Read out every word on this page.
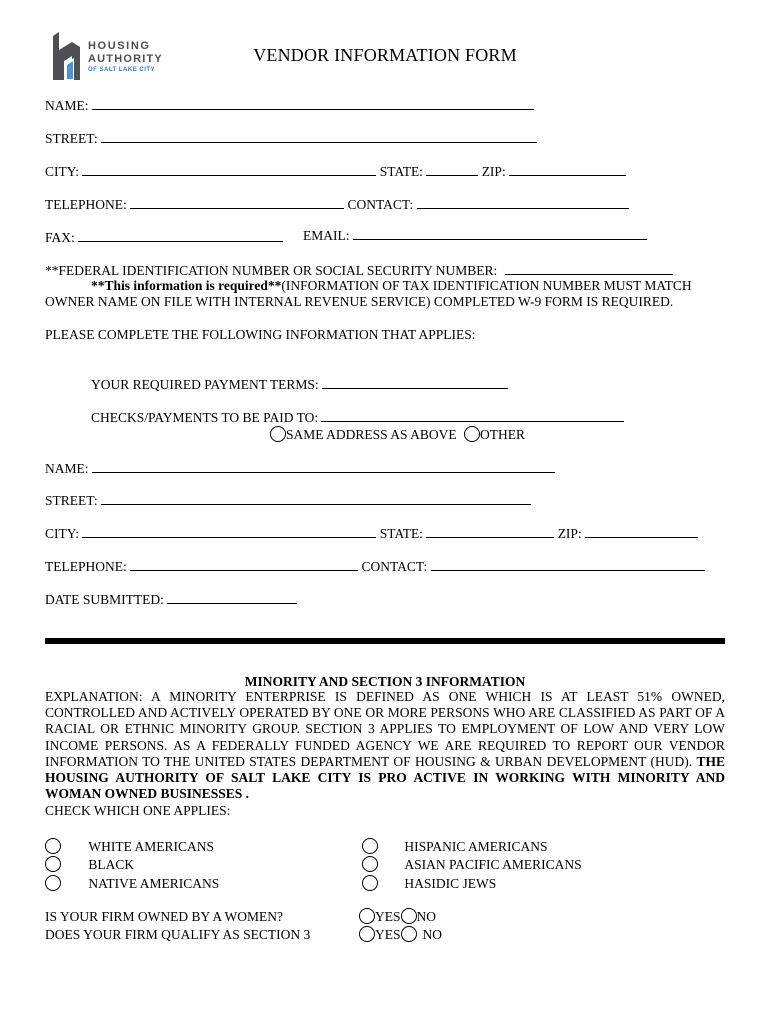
HOUSING
AUTHORITY
OF SALT LAKE CITY
VENDOR INFORMATION FORM
NAME:
STREET:
CITY:	STATE:	ZIP:
TELEPHONE:	CONTACT:
FAX:	EMAIL:
**FEDERAL IDENTIFICATION NUMBER OR SOCIAL SECURITY NUMBER:
**This information is required**(INFORMATION OF TAX IDENTIFICATION NUMBER MUST MATCH
OWNER NAME ON FILE WITH INTERNAL REVENUE SERVICE) COMPLETED W-9 FORM IS REQUIRED.
PLEASE COMPLETE THE FOLLOWING INFORMATION THAT APPLIES:
YOUR REQUIRED PAYMENT TERMS:
CHECKS/PAYMENTS TO BE PAID TO:
SAME ADDRESS AS ABOVE OTHER
NAME:
STREET:
CITY:	STATE:	ZIP:
TELEPHONE:	CONTACT:
DATE SUBMITTED:
MINORITY AND SECTION 3 INFORMATION
EXPLANATION: A MINORITY ENTERPRISE IS DEFINED AS ONE WHICH IS AT LEAST 51% OWNED, CONTROLLED AND ACTIVELY OPERATED BY ONE OR MORE PERSONS WHO ARE CLASSIFIED AS PART OF A RACIAL OR ETHNIC MINORITY GROUP. SECTION 3 APPLIES TO EMPLOYMENT OF LOW AND VERY LOW INCOME PERSONS. AS A FEDERALLY FUNDED AGENCY WE ARE REQUIRED TO REPORT OUR VENDOR INFORMATION TO THE UNITED STATES DEPARTMENT OF HOUSING & URBAN DEVELOPMENT (HUD). THE HOUSING AUTHORITY OF SALT LAKE CITY IS PRO ACTIVE IN WORKING WITH MINORITY AND WOMAN OWNED BUSINESSES .
CHECK WHICH ONE APPLIES:
WHITE AMERICANS
BLACK
NATIVE AMERICANS
HISPANIC AMERICANS
ASIAN PACIFIC AMERICANS
HASIDIC JEWS
IS YOUR FIRM OWNED BY A WOMEN?	YES NO
DOES YOUR FIRM QUALIFY AS SECTION 3	YES NO
